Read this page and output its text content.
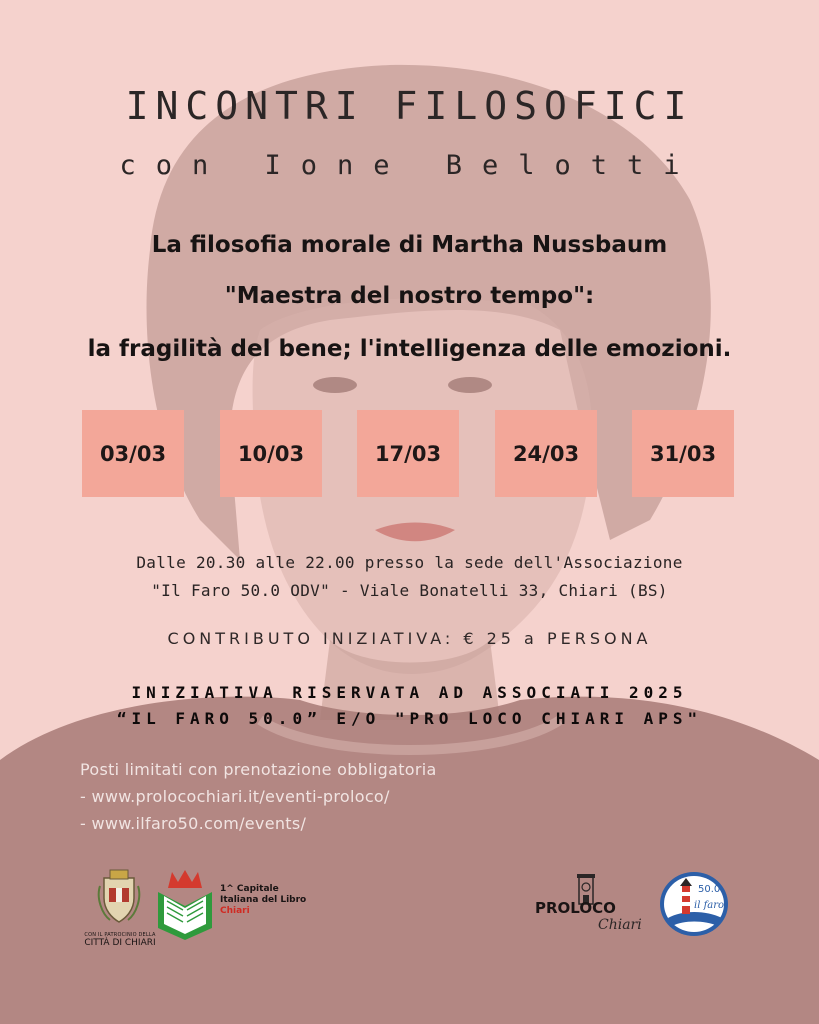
INCONTRI FILOSOFICI
con Ione Belotti
La filosofia morale di Martha Nussbaum
"Maestra del nostro tempo":
la fragilità del bene; l'intelligenza delle emozioni.
03/03	10/03	17/03	24/03	31/03
Dalle 20.30 alle 22.00 presso la sede dell'Associazione
"Il Faro 50.0 ODV" - Viale Bonatelli 33, Chiari (BS)
CONTRIBUTO INIZIATIVA: € 25 a PERSONA
INIZIATIVA RISERVATA AD ASSOCIATI 2025
“IL FARO 50.0” E/O "PRO LOCO CHIARI APS"
Posti limitati con prenotazione obbligatoria
- www.prolocochiari.it/eventi-proloco/
- www.ilfaro50.com/events/
CON IL PATROCINIO DELLA
CITTÀ DI CHIARI
1^ Capitale
Italiana del Libro
Chiari	PROLOCO
Chiari
50.0
il faro
